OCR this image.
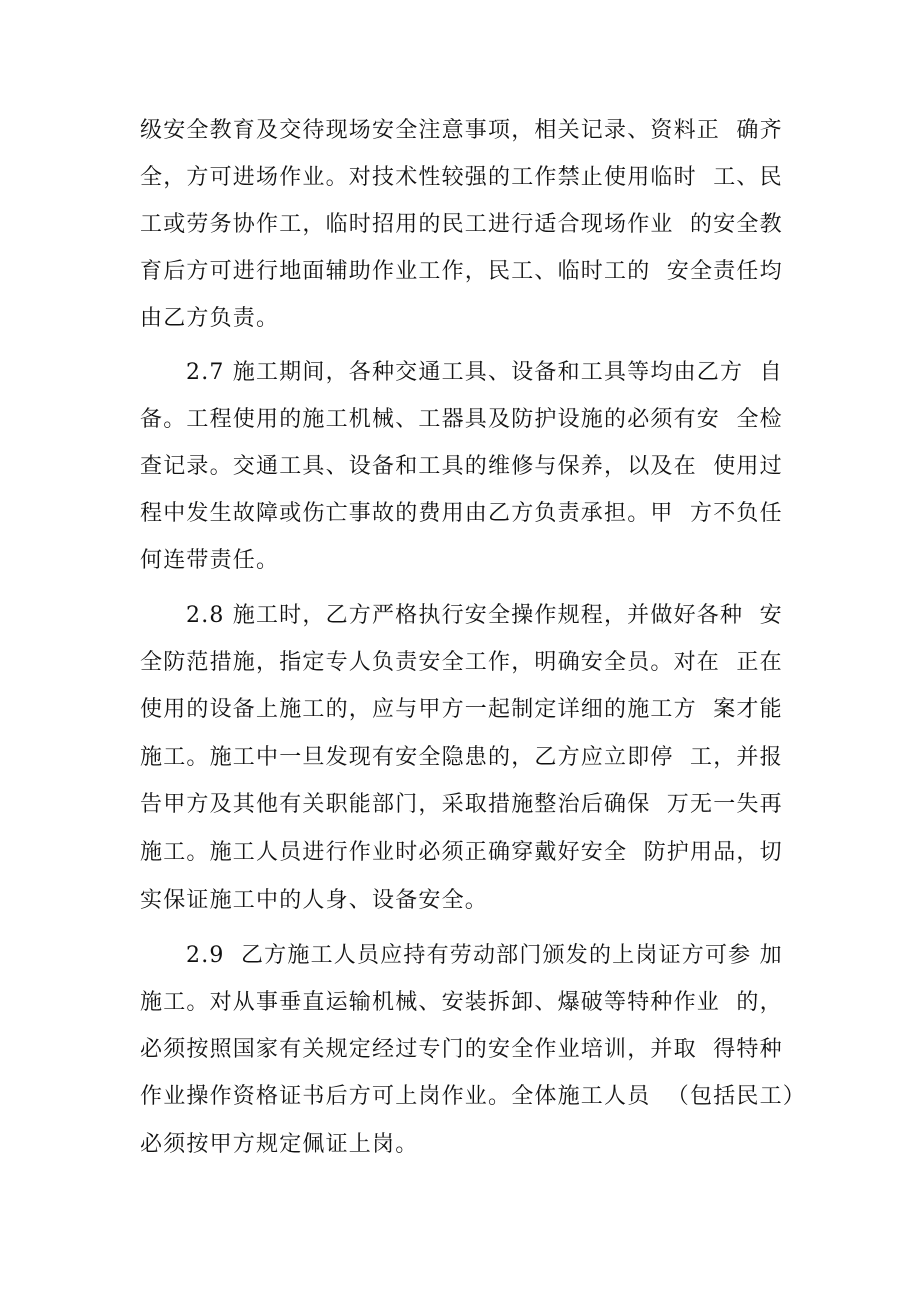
级安全教育及交待现场安全注意事项，相关记录、资料正  确齐
全，方可进场作业。对技术性较强的工作禁止使用临时  工、民
工或劳务协作工，临时招用的民工进行适合现场作业  的安全教
育后方可进行地面辅助作业工作，民工、临时工的  安全责任均
由乙方负责。
2.7 施工期间，各种交通工具、设备和工具等均由乙方  自
备。工程使用的施工机械、工器具及防护设施的必须有安  全检
查记录。交通工具、设备和工具的维修与保养，以及在  使用过
程中发生故障或伤亡事故的费用由乙方负责承担。甲  方不负任
何连带责任。
2.8 施工时，乙方严格执行安全操作规程，并做好各种  安
全防范措施，指定专人负责安全工作，明确安全员。对在  正在
使用的设备上施工的，应与甲方一起制定详细的施工方  案才能
施工。施工中一旦发现有安全隐患的，乙方应立即停  工，并报
告甲方及其他有关职能部门，采取措施整治后确保  万无一失再
施工。施工人员进行作业时必须正确穿戴好安全  防护用品，切
实保证施工中的人身、设备安全。
2.9  乙方施工人员应持有劳动部门颁发的上岗证方可参 加
施工。对从事垂直运输机械、安装拆卸、爆破等特种作业  的，
必须按照国家有关规定经过专门的安全作业培训，并取  得特种
作业操作资格证书后方可上岗作业。全体施工人员  （包括民工）
必须按甲方规定佩证上岗。
